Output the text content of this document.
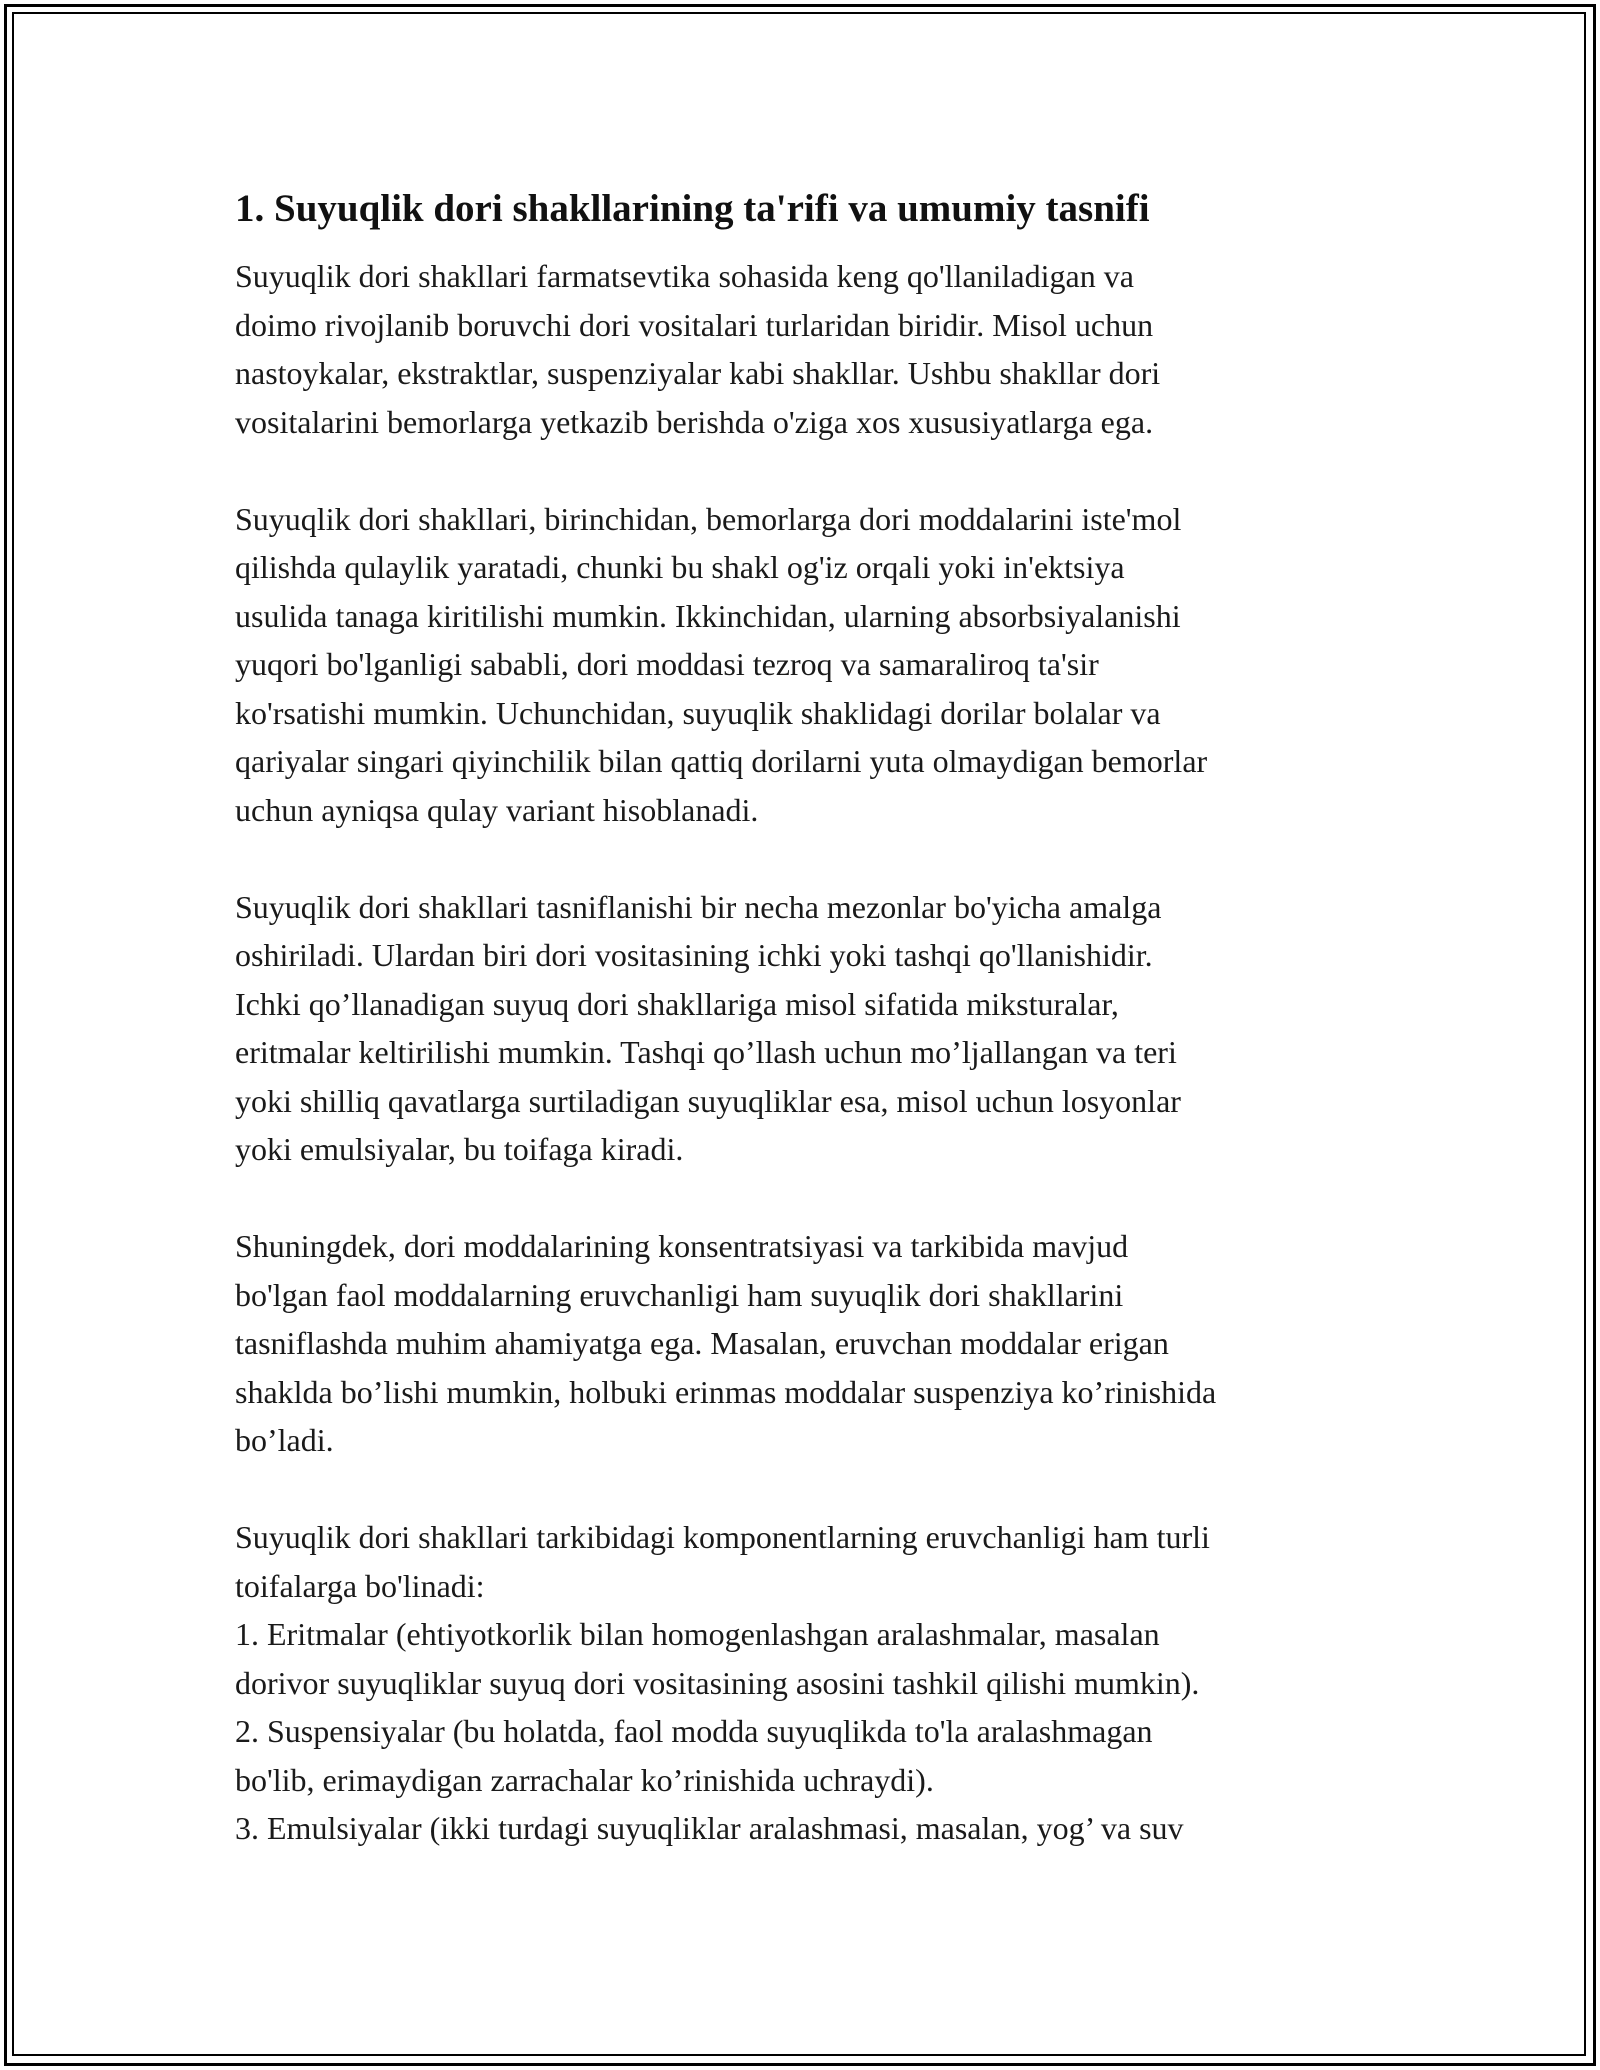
1. Suyuqlik dori shakllarining ta'rifi va umumiy tasnifi
Suyuqlik dori shakllari farmatsevtika sohasida keng qo'llaniladigan va
doimo rivojlanib boruvchi dori vositalari turlaridan biridir. Misol uchun
nastoykalar, ekstraktlar, suspenziyalar kabi shakllar. Ushbu shakllar dori
vositalarini bemorlarga yetkazib berishda o'ziga xos xususiyatlarga ega.
Suyuqlik dori shakllari, birinchidan, bemorlarga dori moddalarini iste'mol
qilishda qulaylik yaratadi, chunki bu shakl og'iz orqali yoki in'ektsiya
usulida tanaga kiritilishi mumkin. Ikkinchidan, ularning absorbsiyalanishi
yuqori bo'lganligi sababli, dori moddasi tezroq va samaraliroq ta'sir
ko'rsatishi mumkin. Uchunchidan, suyuqlik shaklidagi dorilar bolalar va
qariyalar singari qiyinchilik bilan qattiq dorilarni yuta olmaydigan bemorlar
uchun ayniqsa qulay variant hisoblanadi.
Suyuqlik dori shakllari tasniflanishi bir necha mezonlar bo'yicha amalga
oshiriladi. Ulardan biri dori vositasining ichki yoki tashqi qo'llanishidir.
Ichki qo’llanadigan suyuq dori shakllariga misol sifatida miksturalar,
eritmalar keltirilishi mumkin. Tashqi qo’llash uchun mo’ljallangan va teri
yoki shilliq qavatlarga surtiladigan suyuqliklar esa, misol uchun losyonlar
yoki emulsiyalar, bu toifaga kiradi.
Shuningdek, dori moddalarining konsentratsiyasi va tarkibida mavjud
bo'lgan faol moddalarning eruvchanligi ham suyuqlik dori shakllarini
tasniflashda muhim ahamiyatga ega. Masalan, eruvchan moddalar erigan
shaklda bo’lishi mumkin, holbuki erinmas moddalar suspenziya ko’rinishida
bo’ladi.
Suyuqlik dori shakllari tarkibidagi komponentlarning eruvchanligi ham turli
toifalarga bo'linadi:
1. Eritmalar (ehtiyotkorlik bilan homogenlashgan aralashmalar, masalan
dorivor suyuqliklar suyuq dori vositasining asosini tashkil qilishi mumkin).
2. Suspensiyalar (bu holatda, faol modda suyuqlikda to'la aralashmagan
bo'lib, erimaydigan zarrachalar ko’rinishida uchraydi).
3. Emulsiyalar (ikki turdagi suyuqliklar aralashmasi, masalan, yog’ va suv
